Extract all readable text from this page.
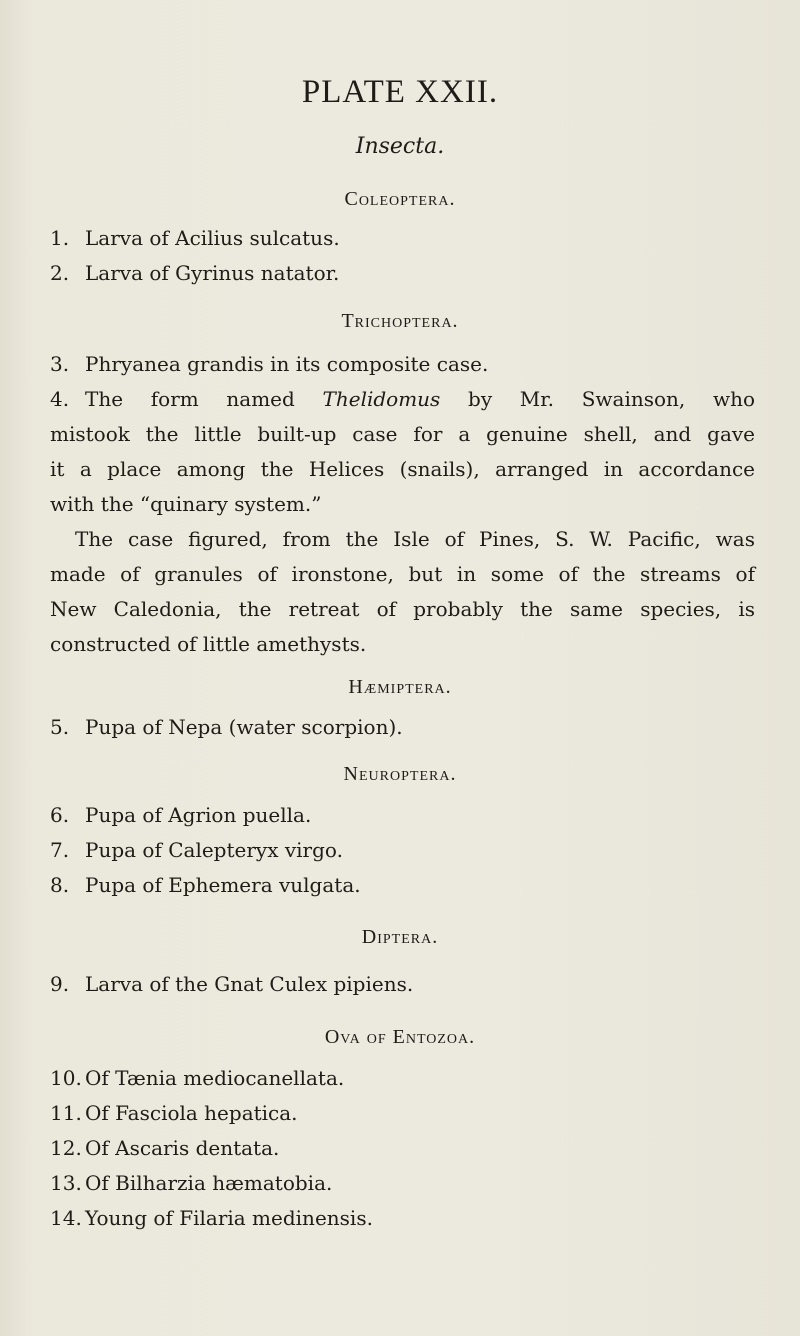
PLATE XXII.
Insecta.
Coleoptera.
1. Larva of Acilius sulcatus.
2. Larva of Gyrinus natator.
Trichoptera.
3. Phryanea grandis in its composite case.
4. The form named Thelidomus by Mr. Swainson, who
mistook the little built-up case for a genuine shell, and gave
it a place among the Helices (snails), arranged in accordance
with the “quinary system.”
The case figured, from the Isle of Pines, S. W. Pacific, was
made of granules of ironstone, but in some of the streams of
New Caledonia, the retreat of probably the same species, is
constructed of little amethysts.
Hæmiptera.
5. Pupa of Nepa (water scorpion).
Neuroptera.
6. Pupa of Agrion puella.
7. Pupa of Calepteryx virgo.
8. Pupa of Ephemera vulgata.
Diptera.
9. Larva of the Gnat Culex pipiens.
Ova of Entozoa.
10. Of Tænia mediocanellata.
11. Of Fasciola hepatica.
12. Of Ascaris dentata.
13. Of Bilharzia hæmatobia.
14. Young of Filaria medinensis.
